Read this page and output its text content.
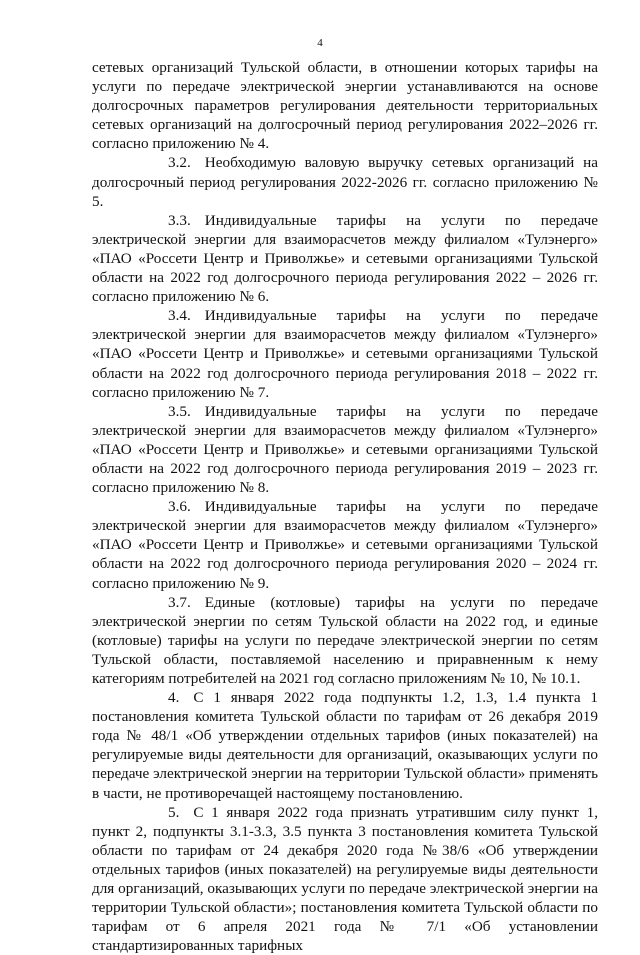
4

сетевых организаций Тульской области, в отношении которых тарифы на услуги по передаче электрической энергии устанавливаются на основе долгосрочных параметров регулирования деятельности территориальных сетевых организаций на долгосрочный период регулирования 2022–2026 гг. согласно приложению № 4.

3.2. Необходимую валовую выручку сетевых организаций на долгосрочный период регулирования 2022-2026 гг. согласно приложению № 5.

3.3. Индивидуальные тарифы на услуги по передаче электрической энергии для взаиморасчетов между филиалом «Тулэнерго» «ПАО «Россети Центр и Приволжье» и сетевыми организациями Тульской области на 2022 год долгосрочного периода регулирования 2022 – 2026 гг. согласно приложению № 6.

3.4. Индивидуальные тарифы на услуги по передаче электрической энергии для взаиморасчетов между филиалом «Тулэнерго» «ПАО «Россети Центр и Приволжье» и сетевыми организациями Тульской области на 2022 год долгосрочного периода регулирования 2018 – 2022 гг. согласно приложению № 7.

3.5. Индивидуальные тарифы на услуги по передаче электрической энергии для взаиморасчетов между филиалом «Тулэнерго» «ПАО «Россети Центр и Приволжье» и сетевыми организациями Тульской области на 2022 год долгосрочного периода регулирования 2019 – 2023 гг. согласно приложению № 8.

3.6. Индивидуальные тарифы на услуги по передаче электрической энергии для взаиморасчетов между филиалом «Тулэнерго» «ПАО «Россети Центр и Приволжье» и сетевыми организациями Тульской области на 2022 год долгосрочного периода регулирования 2020 – 2024 гг. согласно приложению № 9.

3.7. Единые (котловые) тарифы на услуги по передаче электрической энергии по сетям Тульской области на 2022 год, и единые (котловые) тарифы на услуги по передаче электрической энергии по сетям Тульской области, поставляемой населению и приравненным к нему категориям потребителей на 2021 год согласно приложениям № 10, № 10.1.

4. С 1 января 2022 года подпункты 1.2, 1.3, 1.4 пункта 1 постановления комитета Тульской области по тарифам от 26 декабря 2019 года № 48/1 «Об утверждении отдельных тарифов (иных показателей) на регулируемые виды деятельности для организаций, оказывающих услуги по передаче электрической энергии на территории Тульской области» применять в части, не противоречащей настоящему постановлению.

5. С 1 января 2022 года признать утратившим силу пункт 1, пункт 2, подпункты 3.1-3.3, 3.5 пункта 3 постановления комитета Тульской области по тарифам от 24 декабря 2020 года №38/6 «Об утверждении отдельных тарифов (иных показателей) на регулируемые виды деятельности для организаций, оказывающих услуги по передаче электрической энергии на территории Тульской области»; постановления комитета Тульской области по тарифам от 6 апреля 2021 года № 7/1 «Об установлении стандартизированных тарифных
